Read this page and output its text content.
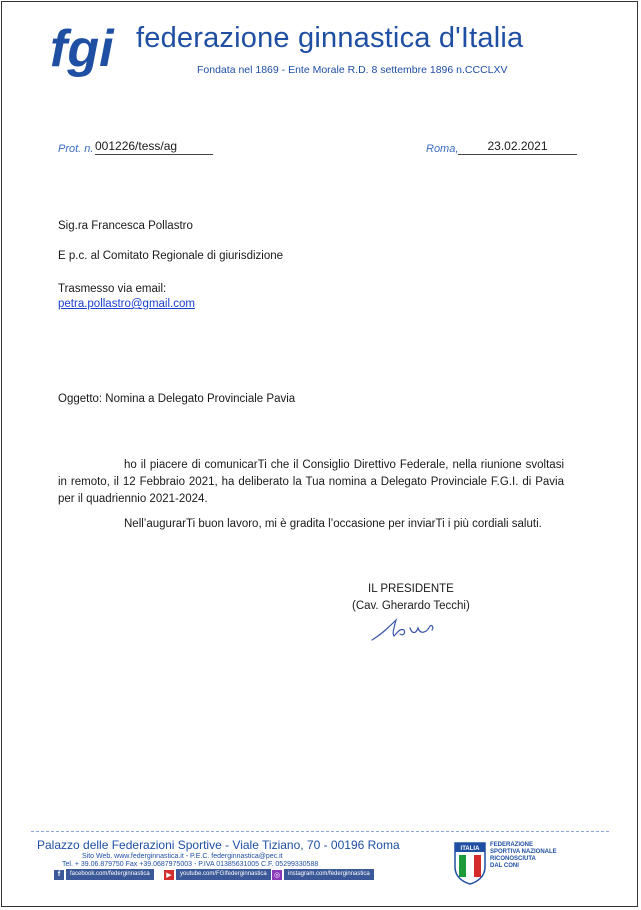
fgi federazione ginnastica d'Italia
Fondata nel 1869 - Ente Morale R.D. 8 settembre 1896 n.CCCLXV
Prot. n. 001226/tess/ag	Roma,	23.02.2021
Sig.ra Francesca Pollastro
E p.c. al Comitato Regionale di giurisdizione
Trasmesso via email:
petra.pollastro@gmail.com
Oggetto: Nomina a Delegato Provinciale Pavia
ho il piacere di comunicarTi che il Consiglio Direttivo Federale, nella riunione svoltasi in remoto, il 12 Febbraio 2021, ha deliberato la Tua nomina a Delegato Provinciale F.G.I. di Pavia per il quadriennio 2021-2024.
Nell’augurarTi buon lavoro, mi è gradita l’occasione per inviarTi i più cordiali saluti.
IL PRESIDENTE
(Cav. Gherardo Tecchi)
Palazzo delle Federazioni Sportive - Viale Tiziano, 70 - 00196 Roma
Sito Web. www.federginnastica.it - P.E.C. federginnastica@pec.it
Tel. + 39.06.879750 Fax +39.0687975003 - P.IVA 01385631005 C.F. 05299330588
f	facebook.com/federginnastica	▶	youtube.com/FGIfederginnastica	◎	instagram.com/federginnastica
ITALIA
FEDERAZIONE
SPORTIVA NAZIONALE
RICONOSCIUTA
DAL CONI
